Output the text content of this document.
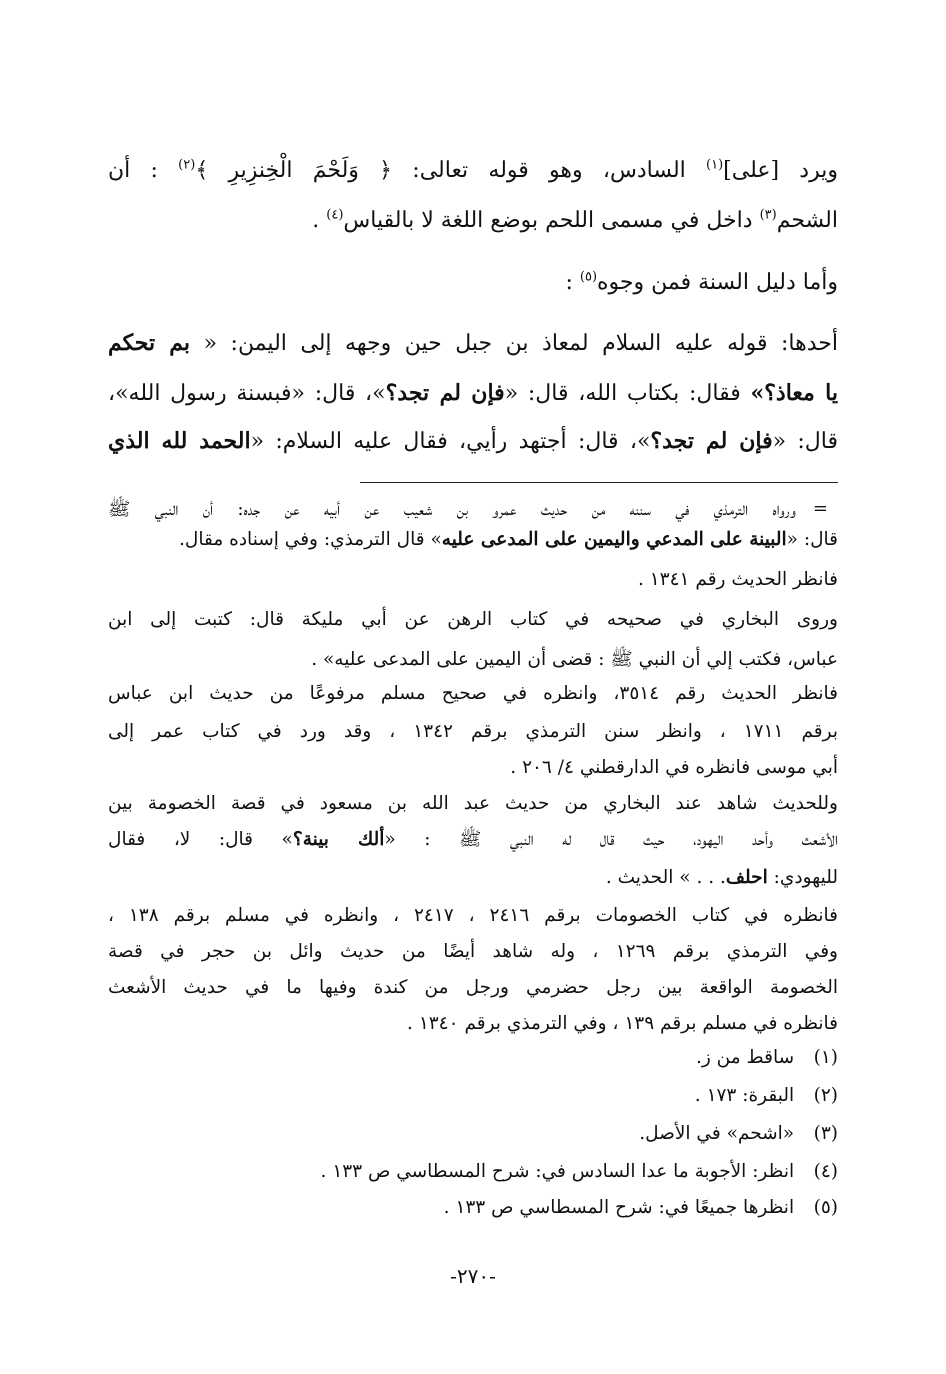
ويرد [على]$^{(١)}$ السادس، وهو قوله تعالى: ﴿ وَلَحْمَ الْخِنزِيرِ ﴾$^{(٢)}$ : أن
الشحم$^{(٣)}$ داخل في مسمى اللحم بوضع اللغة لا بالقياس$^{(٤)}$ .
وأما دليل السنة فمن وجوه$^{(٥)}$ :
أحدها: قوله عليه السلام لمعاذ بن جبل حين وجهه إلى اليمن: « بم تحكم
يا معاذ؟» فقال: بكتاب الله، قال: «فإن لم تجد؟»، قال: «فبسنة رسول الله»،
قال: «فإن لم تجد؟»، قال: أجتهد رأيي، فقال عليه السلام: «الحمد لله الذي
=
ورواه الترمذي في سننه من حديث عمرو بن شعيب عن أبيه عن جده: أن النبي ﷺ
قال: «البينة على المدعي واليمين على المدعى عليه» قال الترمذي: وفي إسناده مقال.
فانظر الحديث رقم ١٣٤١ .
وروى البخاري في صحيحه في كتاب الرهن عن أبي مليكة قال: كتبت إلى ابن
عباس، فكتب إلي أن النبي ﷺ : قضى أن اليمين على المدعى عليه» .
فانظر الحديث رقم ٣٥١٤، وانظره في صحيح مسلم مرفوعًا من حديث ابن عباس
برقم ١٧١١ ، وانظر سنن الترمذي برقم ١٣٤٢ ، وقد ورد في كتاب عمر إلى
أبي موسى فانظره في الدارقطني ٤/ ٢٠٦ .
وللحديث شاهد عند البخاري من حديث عبد الله بن مسعود في قصة الخصومة بين
الأشعث وأحد اليهود، حيث قال له النبي ﷺ : «ألك بينة؟» قال: لا، فقال
لليهودي: احلف. . . » الحديث .
فانظره في كتاب الخصومات برقم ٢٤١٦ ، ٢٤١٧ ، وانظره في مسلم برقم ١٣٨ ،
وفي الترمذي برقم ١٢٦٩ ، وله شاهد أيضًا من حديث وائل بن حجر في قصة
الخصومة الواقعة بين رجل حضرمي ورجل من كندة وفيها ما في حديث الأشعث
فانظره في مسلم برقم ١٣٩ ، وفي الترمذي برقم ١٣٤٠ .
(١) ساقط من ز.
(٢) البقرة: ١٧٣ .
(٣) «اشحم» في الأصل.
(٤) انظر: الأجوبة ما عدا السادس في: شرح المسطاسي ص ١٣٣ .
(٥) انظرها جميعًا في: شرح المسطاسي ص ١٣٣ .
-٢٧٠-
